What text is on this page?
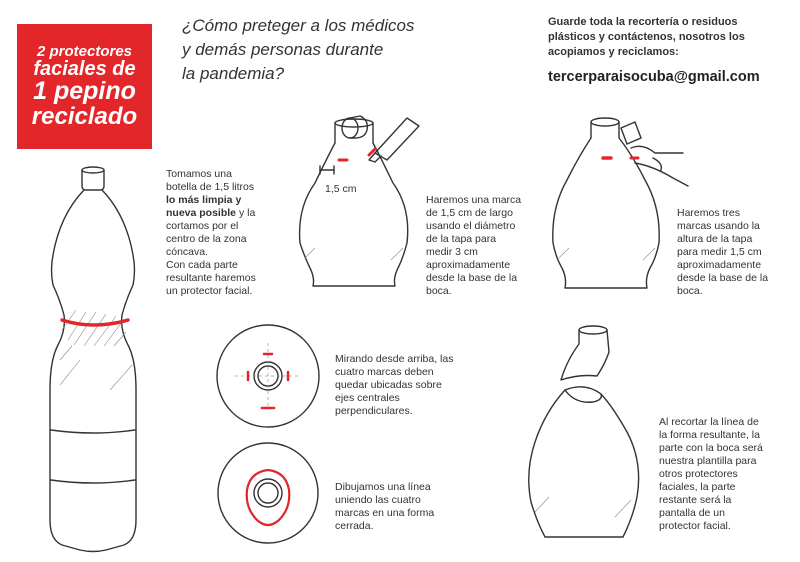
2 protectores
faciales de
1 pepino
reciclado
¿Cómo preteger a los médicos
y demás personas durante
la pandemia?
Guarde toda la recortería o residuos plásticos y contáctenos, nosotros los acopiamos y reciclamos:
tercerparaisocuba@gmail.com
Tomamos una
botella de 1,5 litros
lo más limpia y
nueva posible y la
cortamos por el
centro de la zona
cóncava.
Con cada parte
resultante haremos
un protector facial.
1,5 cm
Haremos una marca
de 1,5 cm de largo
usando el diámetro
de la tapa para
medir 3 cm
aproximadamente
desde la base de la
boca.
Haremos tres
marcas usando la
altura de la tapa
para medir 1,5 cm
aproximadamente
desde la base de la
boca.
Mirando desde arriba, las
cuatro marcas deben
quedar ubicadas sobre
ejes centrales
perpendiculares.
Dibujamos una línea
uniendo las cuatro
marcas en una forma
cerrada.
Al recortar la línea de
la forma resultante, la
parte con la boca será
nuestra plantilla para
otros protectores
faciales, la parte
restante será la
pantalla de un
protector facial.
